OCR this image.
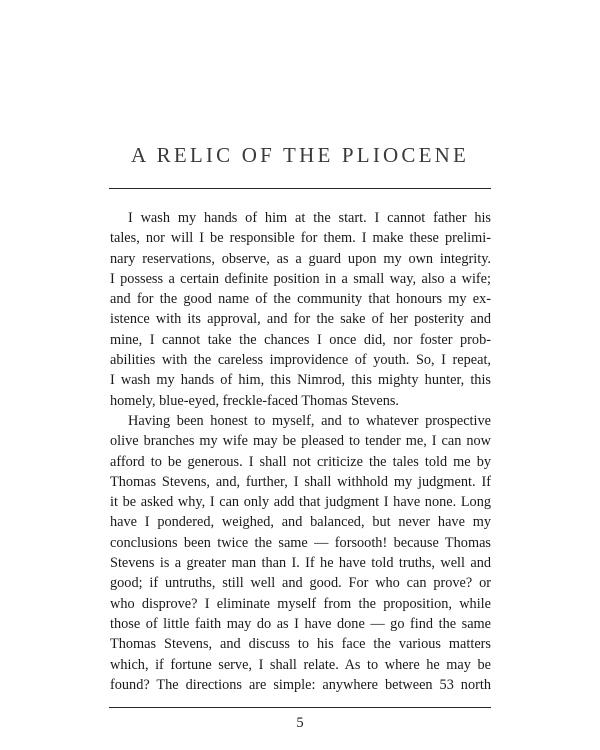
A RELIC OF THE PLIOCENE
I wash my hands of him at the start. I cannot father his
tales, nor will I be responsible for them. I make these prelimi-
nary reservations, observe, as a guard upon my own integrity.
I possess a certain definite position in a small way, also a wife;
and for the good name of the community that honours my ex-
istence with its approval, and for the sake of her posterity and
mine, I cannot take the chances I once did, nor foster prob-
abilities with the careless improvidence of youth. So, I repeat,
I wash my hands of him, this Nimrod, this mighty hunter, this
homely, blue-eyed, freckle-faced Thomas Stevens.
Having been honest to myself, and to whatever prospective
olive branches my wife may be pleased to tender me, I can now
afford to be generous. I shall not criticize the tales told me by
Thomas Stevens, and, further, I shall withhold my judgment. If
it be asked why, I can only add that judgment I have none. Long
have I pondered, weighed, and balanced, but never have my
conclusions been twice the same — forsooth! because Thomas
Stevens is a greater man than I. If he have told truths, well and
good; if untruths, still well and good. For who can prove? or
who disprove? I eliminate myself from the proposition, while
those of little faith may do as I have done — go find the same
Thomas Stevens, and discuss to his face the various matters
which, if fortune serve, I shall relate. As to where he may be
found? The directions are simple: anywhere between 53 north
5
